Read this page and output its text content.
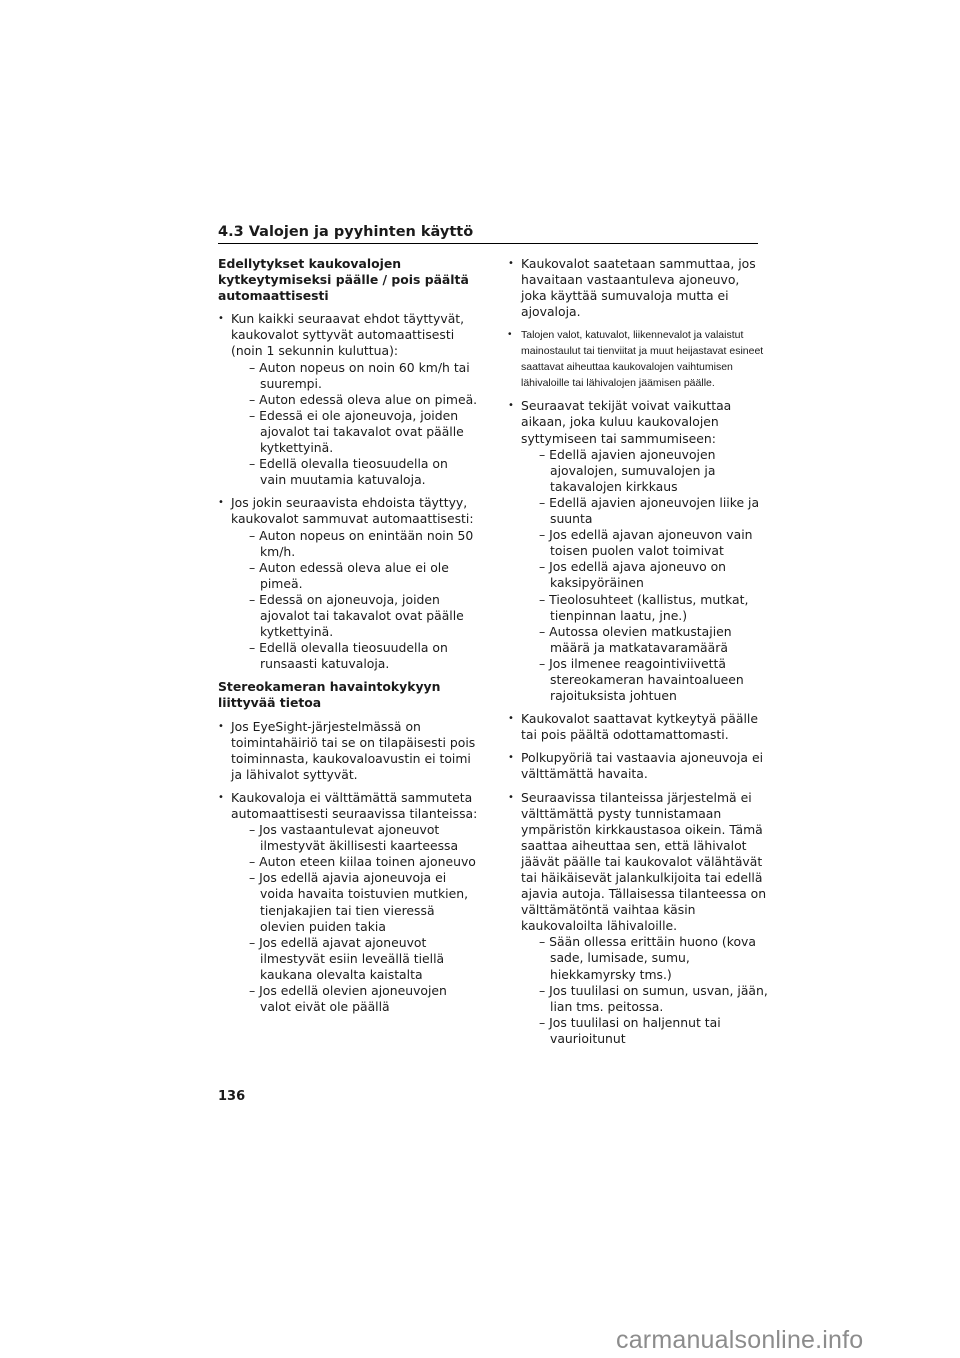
4.3 Valojen ja pyyhinten käyttö
Edellytykset kaukovalojen kytkeytymiseksi päälle / pois päältä automaattisesti
• Kun kaikki seuraavat ehdot täyttyvät, kaukovalot syttyvät automaattisesti (noin 1 sekunnin kuluttua):
– Auton nopeus on noin 60 km/h tai suurempi.
– Auton edessä oleva alue on pimeä.
– Edessä ei ole ajoneuvoja, joiden ajovalot tai takavalot ovat päälle kytkettyinä.
– Edellä olevalla tieosuudella on vain muutamia katuvaloja.
• Jos jokin seuraavista ehdoista täyttyy, kaukovalot sammuvat automaattisesti:
– Auton nopeus on enintään noin 50 km/h.
– Auton edessä oleva alue ei ole pimeä.
– Edessä on ajoneuvoja, joiden ajovalot tai takavalot ovat päälle kytkettyinä.
– Edellä olevalla tieosuudella on runsaasti katuvaloja.
Stereokameran havaintokykyyn liittyvää tietoa
• Jos EyeSight-järjestelmässä on toimintahäiriö tai se on tilapäisesti pois toiminnasta, kaukovaloavustin ei toimi ja lähivalot syttyvät.
• Kaukovaloja ei välttämättä sammuteta automaattisesti seuraavissa tilanteissa:
– Jos vastaantulevat ajoneuvot ilmestyvät äkillisesti kaarteessa
– Auton eteen kiilaa toinen ajoneuvo
– Jos edellä ajavia ajoneuvoja ei voida havaita toistuvien mutkien, tienjakajien tai tien vieressä olevien puiden takia
– Jos edellä ajavat ajoneuvot ilmestyvät esiin leveällä tiellä kaukana olevalta kaistalta
– Jos edellä olevien ajoneuvojen valot eivät ole päällä
• Kaukovalot saatetaan sammuttaa, jos havaitaan vastaantuleva ajoneuvo, joka käyttää sumuvaloja mutta ei ajovaloja.
• Talojen valot, katuvalot, liikennevalot ja valaistut mainostaulut tai tienviitat ja muut heijastavat esineet saattavat aiheuttaa kaukovalojen vaihtumisen lähivaloille tai lähivalojen jäämisen päälle.
• Seuraavat tekijät voivat vaikuttaa aikaan, joka kuluu kaukovalojen syttymiseen tai sammumiseen:
– Edellä ajavien ajoneuvojen ajovalojen, sumuvalojen ja takavalojen kirkkaus
– Edellä ajavien ajoneuvojen liike ja suunta
– Jos edellä ajavan ajoneuvon vain toisen puolen valot toimivat
– Jos edellä ajava ajoneuvo on kaksipyöräinen
– Tieolosuhteet (kallistus, mutkat, tienpinnan laatu, jne.)
– Autossa olevien matkustajien määrä ja matkatavaramäärä
– Jos ilmenee reagointiviivettä stereokameran havaintoalueen rajoituksista johtuen
• Kaukovalot saattavat kytkeytyä päälle tai pois päältä odottamattomasti.
• Polkupyöriä tai vastaavia ajoneuvoja ei välttämättä havaita.
• Seuraavissa tilanteissa järjestelmä ei välttämättä pysty tunnistamaan ympäristön kirkkaustasoa oikein. Tämä saattaa aiheuttaa sen, että lähivalot jäävät päälle tai kaukovalot välähtävät tai häikäisevät jalankulkijoita tai edellä ajavia autoja. Tällaisessa tilanteessa on välttämätöntä vaihtaa käsin kaukovaloilta lähivaloille.
– Sään ollessa erittäin huono (kova sade, lumisade, sumu, hiekkamyrsky tms.)
– Jos tuulilasi on sumun, usvan, jään, lian tms. peitossa.
– Jos tuulilasi on haljennut tai vaurioitunut
136
carmanualsonline.info
